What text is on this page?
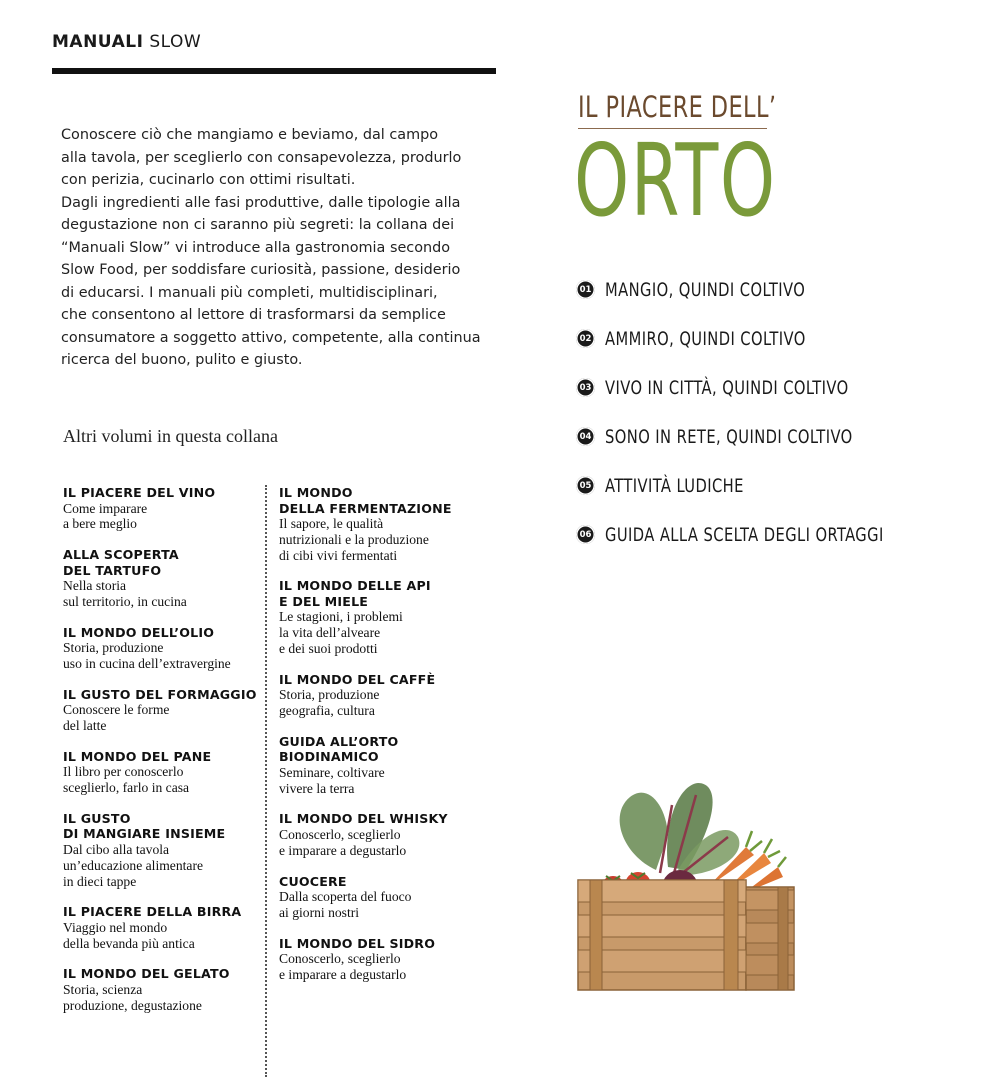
MANUALI SLOW
Conoscere ciò che mangiamo e beviamo, dal campo
alla tavola, per sceglierlo con consapevolezza, produrlo
con perizia, cucinarlo con ottimi risultati.
Dagli ingredienti alle fasi produttive, dalle tipologie alla
degustazione non ci saranno più segreti: la collana dei
“Manuali Slow” vi introduce alla gastronomia secondo
Slow Food, per soddisfare curiosità, passione, desiderio
di educarsi. I manuali più completi, multidisciplinari,
che consentono al lettore di trasformarsi da semplice
consumatore a soggetto attivo, competente, alla continua
ricerca del buono, pulito e giusto.
Altri volumi in questa collana
IL PIACERE DEL VINO
Come imparare
a bere meglio
ALLA SCOPERTA
DEL TARTUFO
Nella storia
sul territorio, in cucina
IL MONDO DELL’OLIO
Storia, produzione
uso in cucina dell’extravergine
IL GUSTO DEL FORMAGGIO
Conoscere le forme
del latte
IL MONDO DEL PANE
Il libro per conoscerlo
sceglierlo, farlo in casa
IL GUSTO
DI MANGIARE INSIEME
Dal cibo alla tavola
un’educazione alimentare
in dieci tappe
IL PIACERE DELLA BIRRA
Viaggio nel mondo
della bevanda più antica
IL MONDO DEL GELATO
Storia, scienza
produzione, degustazione
IL MONDO
DELLA FERMENTAZIONE
Il sapore, le qualità
nutrizionali e la produzione
di cibi vivi fermentati
IL MONDO DELLE API
E DEL MIELE
Le stagioni, i problemi
la vita dell’alveare
e dei suoi prodotti
IL MONDO DEL CAFFÈ
Storia, produzione
geografia, cultura
GUIDA ALL’ORTO
BIODINAMICO
Seminare, coltivare
vivere la terra
IL MONDO DEL WHISKY
Conoscerlo, sceglierlo
e imparare a degustarlo
CUOCERE
Dalla scoperta del fuoco
ai giorni nostri
IL MONDO DEL SIDRO
Conoscerlo, sceglierlo
e imparare a degustarlo
IL PIACERE DELL’
ORTO
01 MANGIO, QUINDI COLTIVO
02 AMMIRO, QUINDI COLTIVO
03 VIVO IN CITTÀ, QUINDI COLTIVO
04 SONO IN RETE, QUINDI COLTIVO
05 ATTIVITÀ LUDICHE
06 GUIDA ALLA SCELTA DEGLI ORTAGGI
